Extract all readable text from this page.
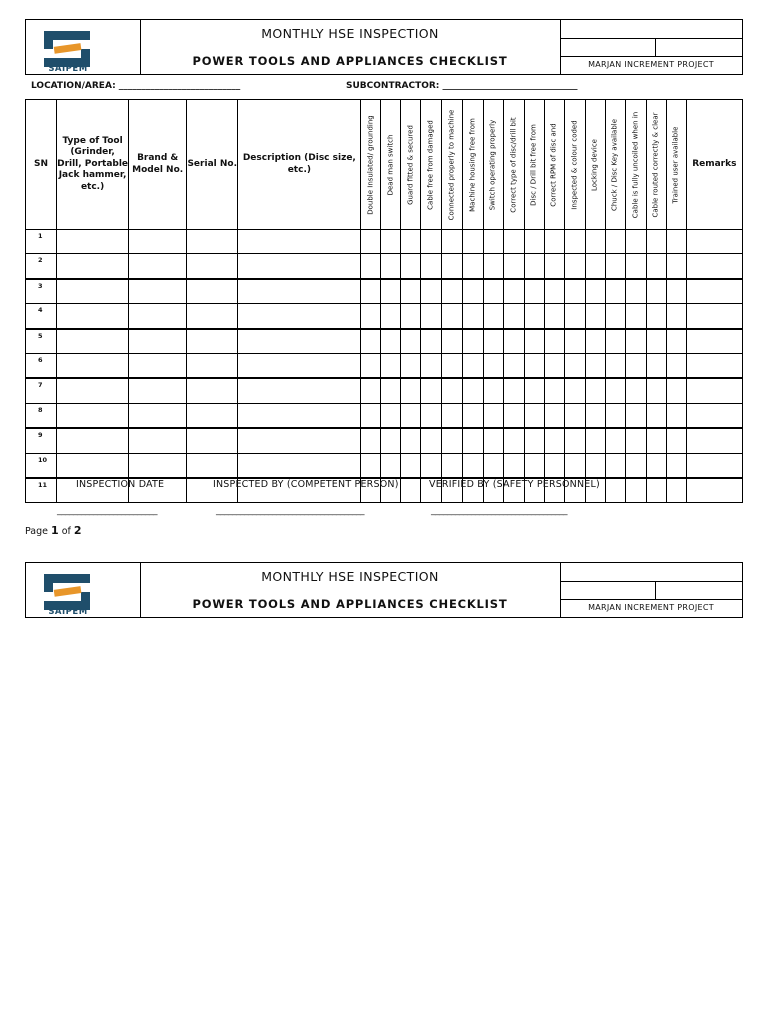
SAIPEM
MONTHLY HSE INSPECTION
POWER TOOLS AND APPLIANCES CHECKLIST	MARJAN INCREMENT PROJECT
LOCATION/AREA: ___________________________	SUBCONTRACTOR: ______________________________
SN	Type of Tool (Grinder, Drill, Portable Jack hammer, etc.)	Brand & Model No.	Serial No.	Description (Disc size, etc.)	Double Insulated/ grounding	Dead man switch	Guard fitted & secured	Cable free from damaged	Connected properly to machine	Machine housing free from	Switch operating properly	Correct type of disc/drill bit	Disc / Drill bit free from	Correct RPM of disc and	Inspected & colour coded	Locking device	Chuck / Disc Key available	Cable is fully uncoiled when in	Cable routed correctly & clear	Trained user available	Remarks
1																					
2																					
3																					
4																					
5																					
6																					
7																					
8																					
9																					
10																					
11																						INSPECTION DATE	INSPECTED BY (COMPETENT PERSON)	VERIFIED BY (SAFETY PERSONNEL)
_________________________	_____________________________________	__________________________________
Page 1 of 2
SAIPEM
MONTHLY HSE INSPECTION
POWER TOOLS AND APPLIANCES CHECKLIST	MARJAN INCREMENT PROJECT
